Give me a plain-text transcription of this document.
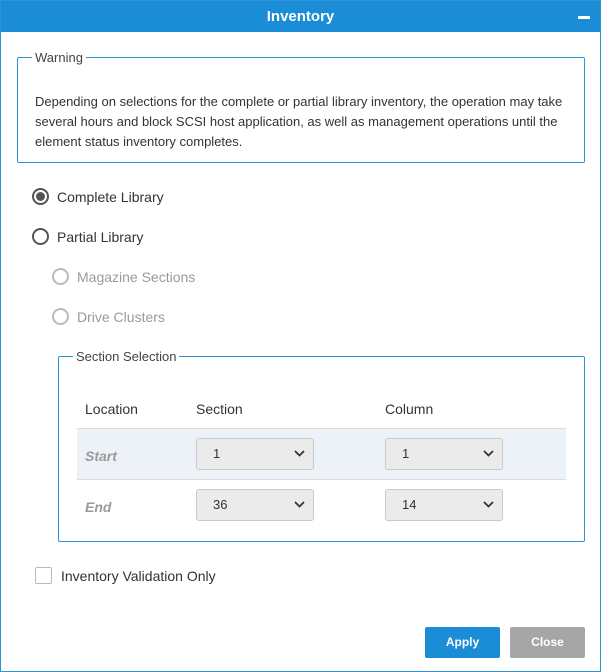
Inventory
Warning
Depending on selections for the complete or partial library inventory, the operation may take several hours and block SCSI host application, as well as management operations until the element status inventory completes.
Complete Library
Partial Library
Magazine Sections
Drive Clusters
Section Selection
Location	Section	Column
Start	1	1
End	36	14
Inventory Validation Only
Apply	Close
